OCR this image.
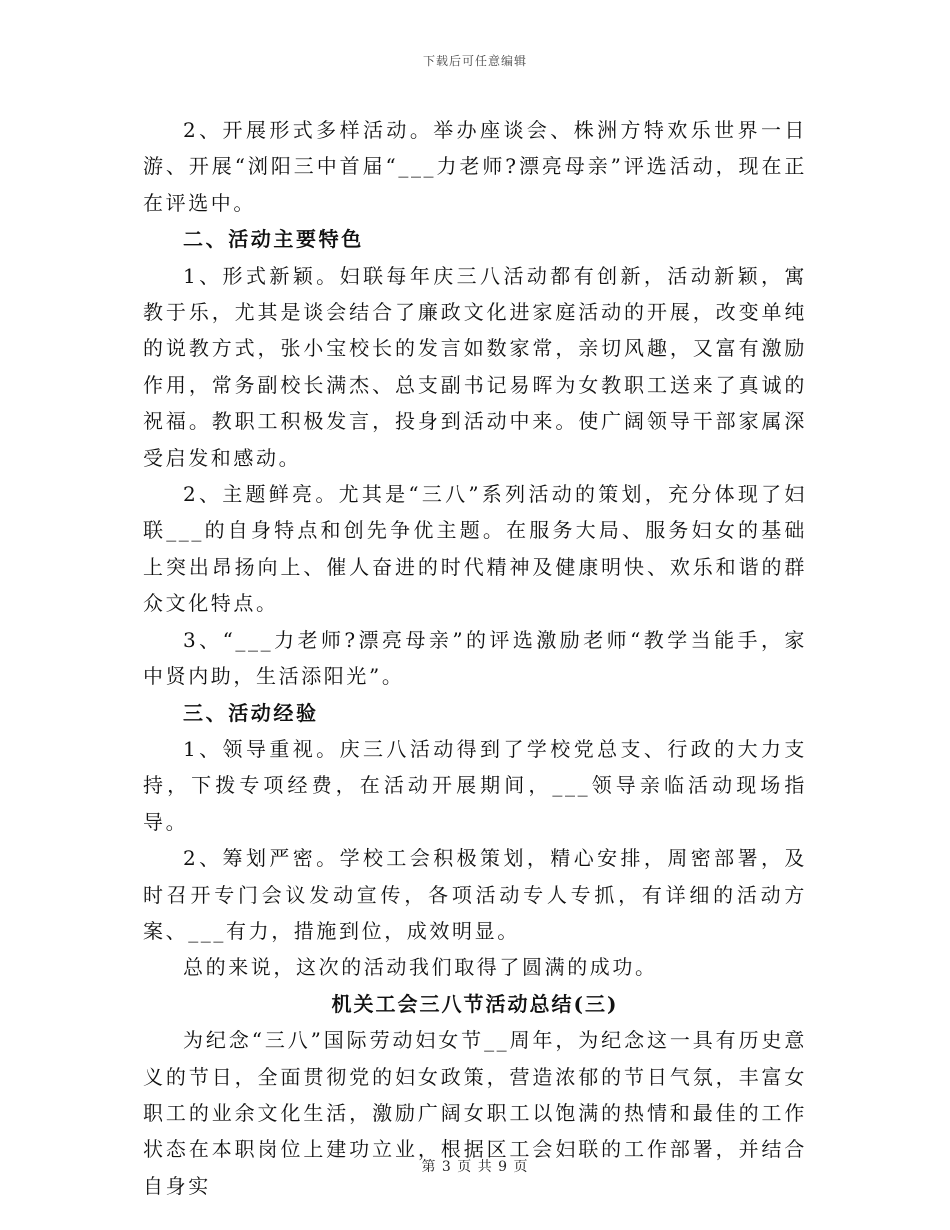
下载后可任意编辑

2、开展形式多样活动。举办座谈会、株洲方特欢乐世界一日游、开展“浏阳三中首届“___力老师?漂亮母亲”评选活动，现在正在评选中。

二、活动主要特色

1、形式新颖。妇联每年庆三八活动都有创新，活动新颖，寓教于乐，尤其是谈会结合了廉政文化进家庭活动的开展，改变单纯的说教方式，张小宝校长的发言如数家常，亲切风趣，又富有激励作用，常务副校长满杰、总支副书记易晖为女教职工送来了真诚的祝福。教职工积极发言，投身到活动中来。使广阔领导干部家属深受启发和感动。

2、主题鲜亮。尤其是“三八”系列活动的策划，充分体现了妇联___的自身特点和创先争优主题。在服务大局、服务妇女的基础上突出昂扬向上、催人奋进的时代精神及健康明快、欢乐和谐的群众文化特点。

3、“___力老师?漂亮母亲”的评选激励老师“教学当能手，家中贤内助，生活添阳光”。

三、活动经验

1、领导重视。庆三八活动得到了学校党总支、行政的大力支持，下拨专项经费，在活动开展期间，___领导亲临活动现场指导。

2、筹划严密。学校工会积极策划，精心安排，周密部署，及时召开专门会议发动宣传，各项活动专人专抓，有详细的活动方案、___有力，措施到位，成效明显。

总的来说，这次的活动我们取得了圆满的成功。

机关工会三八节活动总结(三)

为纪念“三八”国际劳动妇女节__周年，为纪念这一具有历史意义的节日，全面贯彻党的妇女政策，营造浓郁的节日气氛，丰富女职工的业余文化生活，激励广阔女职工以饱满的热情和最佳的工作状态在本职岗位上建功立业，根据区工会妇联的工作部署，并结合自身实

第 3 页 共 9 页
